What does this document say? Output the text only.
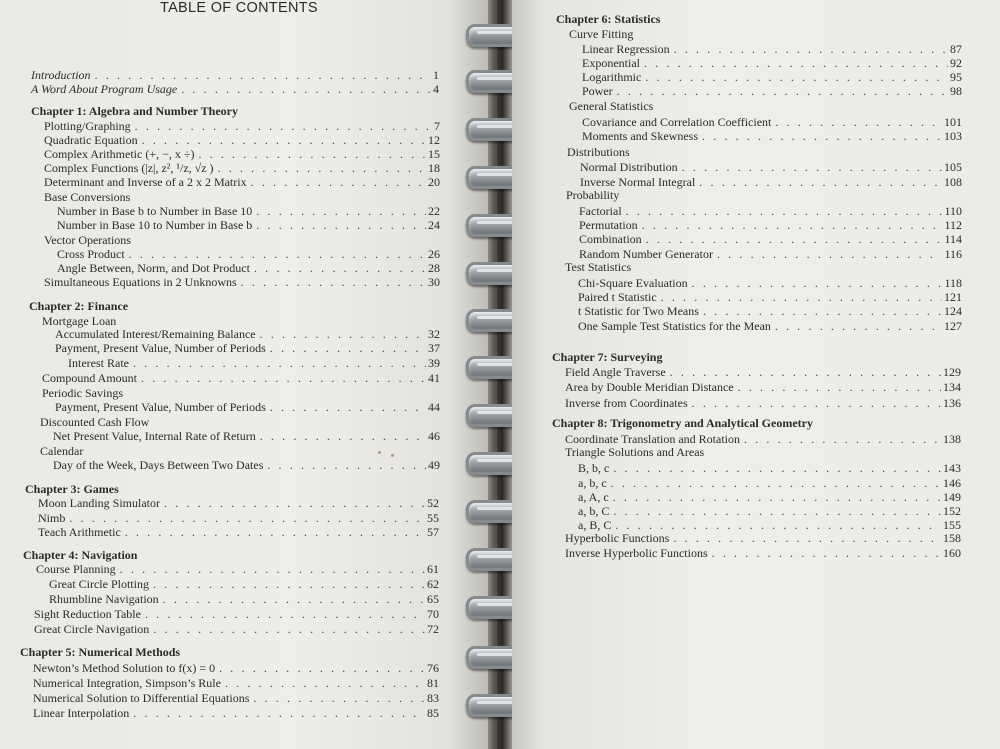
TABLE OF CONTENTS
Introduction . . .	1
A Word About Program Usage . . .	4
Chapter 1: Algebra and Number Theory
Plotting/Graphing . . .	7
Quadratic Equation . . .	12
Complex Arithmetic (+, −, x ÷) . . .	15
Complex Functions (|z|, z², ¹/z, √z ) . . .	18
Determinant and Inverse of a 2 x 2 Matrix . . .	20
Base Conversions
Number in Base b to Number in Base 10 . . .	22
Number in Base 10 to Number in Base b . . .	24
Vector Operations
Cross Product . . .	26
Angle Between, Norm, and Dot Product . . .	28
Simultaneous Equations in 2 Unknowns . . .	30
Chapter 2: Finance
Mortgage Loan
Accumulated Interest/Remaining Balance . . .	32
Payment, Present Value, Number of Periods . . .	37
Interest Rate . . .	39
Compound Amount . . .	41
Periodic Savings
Payment, Present Value, Number of Periods . . .	44
Discounted Cash Flow
Net Present Value, Internal Rate of Return . . .	46
Calendar
Day of the Week, Days Between Two Dates . . .	49
Chapter 3: Games
Moon Landing Simulator . . .	52
Nimb . . .	55
Teach Arithmetic . . .	57
Chapter 4: Navigation
Course Planning . . .	61
Great Circle Plotting . . .	62
Rhumbline Navigation . . .	65
Sight Reduction Table . . .	70
Great Circle Navigation . . .	72
Chapter 5: Numerical Methods
Newton’s Method Solution to f(x) = 0 . . .	76
Numerical Integration, Simpson’s Rule . . .	81
Numerical Solution to Differential Equations . . .	83
Linear Interpolation . . .	85
Chapter 6: Statistics
Curve Fitting
Linear Regression . . .	87
Exponential . . .	92
Logarithmic . . .	95
Power . . .	98
General Statistics
Covariance and Correlation Coefficient . . .	101
Moments and Skewness . . .	103
Distributions
Normal Distribution . . .	105
Inverse Normal Integral . . .	108
Probability
Factorial . . .	110
Permutation . . .	112
Combination . . .	114
Random Number Generator . . .	116
Test Statistics
Chi-Square Evaluation . . .	118
Paired t Statistic . . .	121
t Statistic for Two Means . . .	124
One Sample Test Statistics for the Mean . . .	127
Chapter 7: Surveying
Field Angle Traverse . . .	129
Area by Double Meridian Distance . . .	134
Inverse from Coordinates . . .	136
Chapter 8: Trigonometry and Analytical Geometry
Coordinate Translation and Rotation . . .	138
Triangle Solutions and Areas
B, b, c . . .	143
a, b, c . . .	146
a, A, c . . .	149
a, b, C . . .	152
a, B, C . . .	155
Hyperbolic Functions . . .	158
Inverse Hyperbolic Functions . . .	160
